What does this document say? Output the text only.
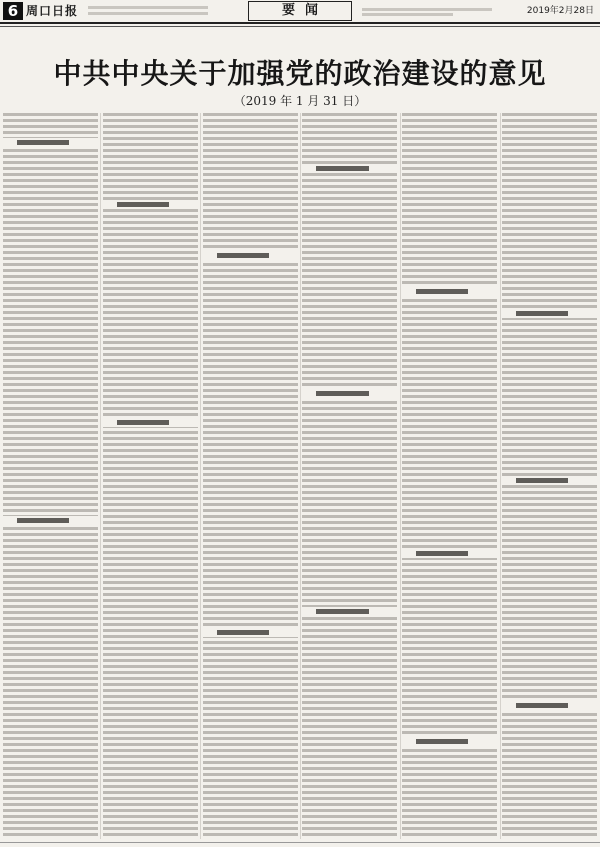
6 周口日报	要闻	2019年2月28日
中共中央关于加强党的政治建设的意见
（2019 年 1 月 31 日）
